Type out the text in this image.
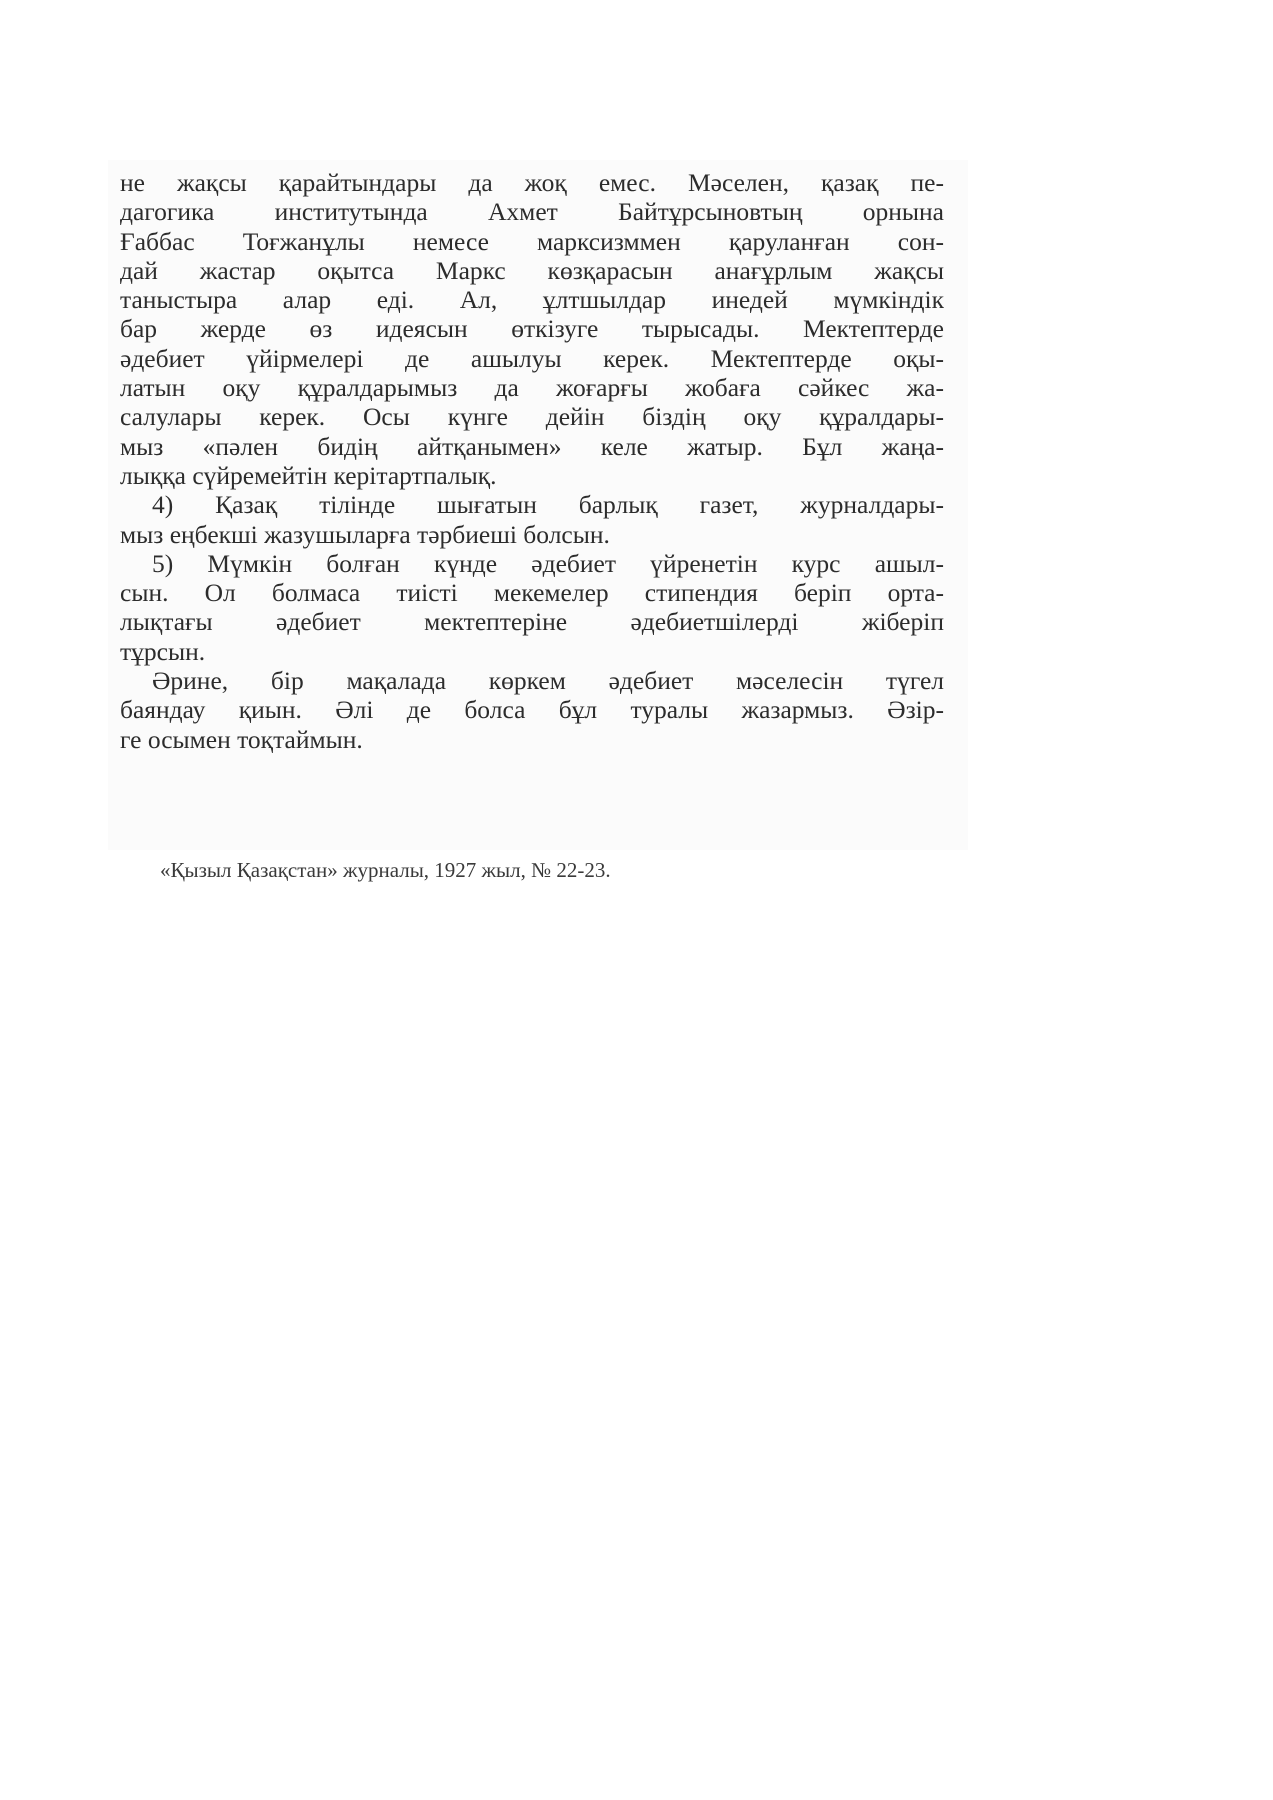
не жақсы қарайтындары да жоқ емес. Мәселен, қазақ пе-
дагогика институтында Ахмет Байтұрсыновтың орнына
Ғаббас Тоғжанұлы немесе марксизммен қаруланған сон-
дай жастар оқытса Маркс көзқарасын анағұрлым жақсы
таныстыра алар еді. Ал, ұлтшылдар инедей мүмкіндік
бар жерде өз идеясын өткізуге тырысады. Мектептерде
әдебиет үйірмелері де ашылуы керек. Мектептерде оқы-
латын оқу құралдарымыз да жоғарғы жобаға сәйкес жа-
салулары керек. Осы күнге дейін біздің оқу құралдары-
мыз «пәлен бидің айтқанымен» келе жатыр. Бұл жаңа-
лыққа сүйремейтін керітартпалық.
4) Қазақ тілінде шығатын барлық газет, журналдары-
мыз еңбекші жазушыларға тәрбиеші болсын.
5) Мүмкін болған күнде әдебиет үйренетін курс ашыл-
сын. Ол болмаса тиісті мекемелер стипендия беріп орта-
лықтағы әдебиет мектептеріне әдебиетшілерді жіберіп
тұрсын.
Әрине, бір мақалада көркем әдебиет мәселесін түгел
баяндау қиын. Әлі де болса бұл туралы жазармыз. Әзір-
ге осымен тоқтаймын.
«Қызыл Қазақстан» журналы, 1927 жыл, № 22-23.
